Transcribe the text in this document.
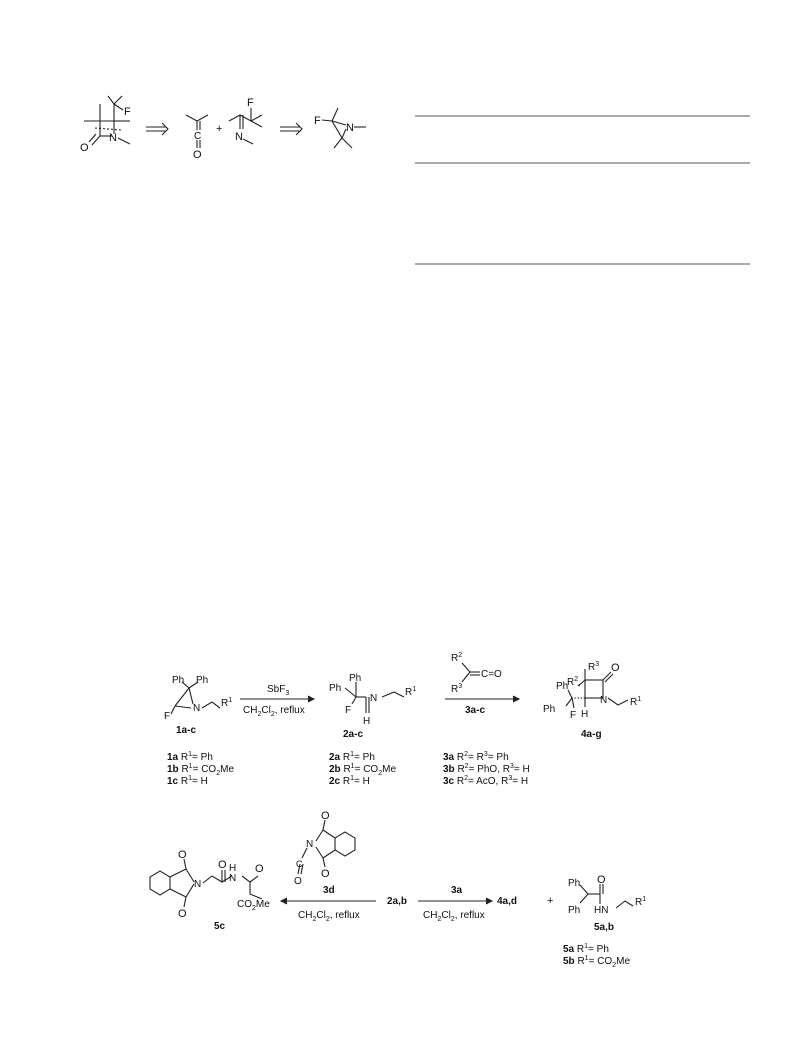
F
N
O
C
O
+
F
N
F
N
Ph Ph
N
F
$R^1$
1a-c
SbF$_3$
$CH_2Cl_2$, reflux
Ph
Ph
N
F
H
$R^1$
2a-c
$R^2$
$R^3$
C=O
3a-c
$R^3$
$R^2$,
O
N
H
Ph
Ph
F
$R^1$
4a-g
1a $R^1= Ph$
1b $R^1= CO_2Me$
1c $R^1= H$
2a $R^1= Ph$
2b $R^1= CO_2Me$
2c $R^1= H$
3a $R^2= R^3= Ph$
3b $R^2=$ PhO, $R^3= H$
3c $R^2=$ AcO, $R^3= H$
O
O
N
O H
N
O
$CO_2Me$
5c
O
O
N
C
O
3d
$CH_2Cl_2$, reflux
2a,b
3a
$CH_2Cl_2$, reflux
4a,d	+
Ph
Ph
O
HN
$R^1$
5a,b
5a $R^1= Ph$
5b $R^1= CO_2Me$
